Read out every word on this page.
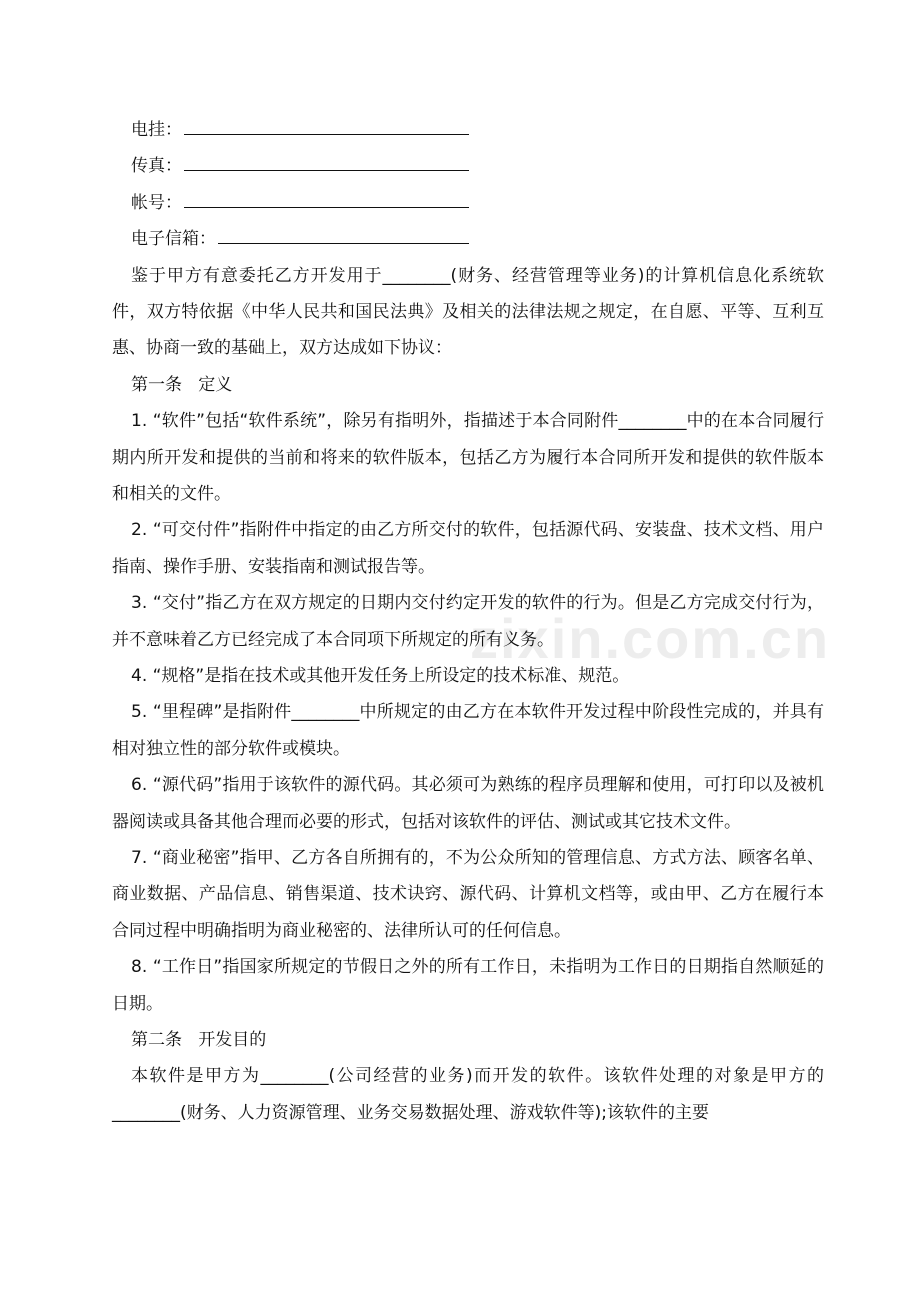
zixin.com.cn
电挂：
传真：
帐号：
电子信箱：

鉴于甲方有意委托乙方开发用于________(财务、经营管理等业务)的计算机信息化系统软件，双方特依据《中华人民共和国民法典》及相关的法律法规之规定，在自愿、平等、互利互惠、协商一致的基础上，双方达成如下协议：

第一条   定义

1. “软件”包括“软件系统”，除另有指明外，指描述于本合同附件________中的在本合同履行期内所开发和提供的当前和将来的软件版本，包括乙方为履行本合同所开发和提供的软件版本和相关的文件。

2. “可交付件”指附件中指定的由乙方所交付的软件，包括源代码、安装盘、技术文档、用户指南、操作手册、安装指南和测试报告等。

3. “交付”指乙方在双方规定的日期内交付约定开发的软件的行为。但是乙方完成交付行为，并不意味着乙方已经完成了本合同项下所规定的所有义务。

4. “规格”是指在技术或其他开发任务上所设定的技术标准、规范。

5. “里程碑”是指附件________中所规定的由乙方在本软件开发过程中阶段性完成的，并具有相对独立性的部分软件或模块。

6. “源代码”指用于该软件的源代码。其必须可为熟练的程序员理解和使用，可打印以及被机器阅读或具备其他合理而必要的形式，包括对该软件的评估、测试或其它技术文件。

7. “商业秘密”指甲、乙方各自所拥有的，不为公众所知的管理信息、方式方法、顾客名单、商业数据、产品信息、销售渠道、技术诀窍、源代码、计算机文档等，或由甲、乙方在履行本合同过程中明确指明为商业秘密的、法律所认可的任何信息。

8. “工作日”指国家所规定的节假日之外的所有工作日，未指明为工作日的日期指自然顺延的日期。

第二条   开发目的

本软件是甲方为________(公司经营的业务)而开发的软件。该软件处理的对象是甲方的________(财务、人力资源管理、业务交易数据处理、游戏软件等);该软件的主要
